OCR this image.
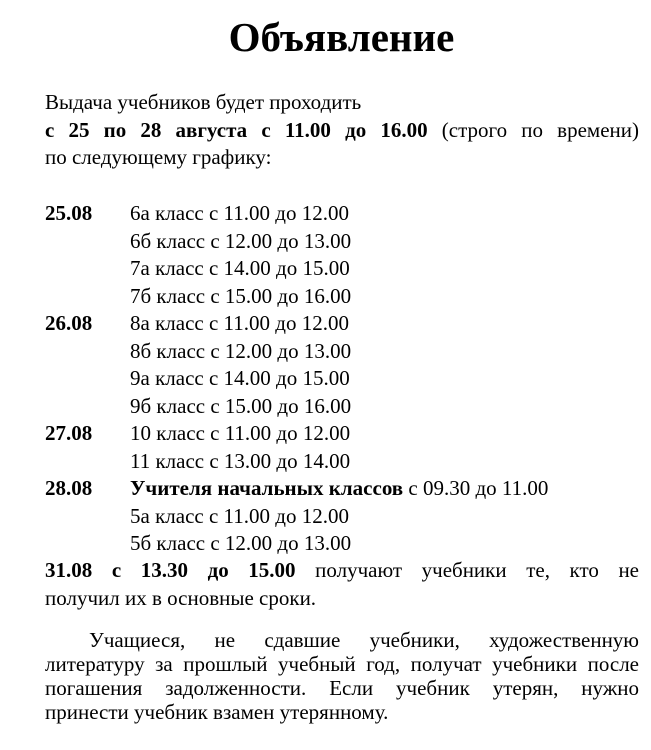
Объявление
Выдача учебников будет проходить
с 25 по 28 августа с 11.00 до 16.00 (строго по времени)
по следующему графику:
25.08 6а класс с 11.00 до 12.00
6б класс с 12.00 до 13.00
7а класс с 14.00 до 15.00
7б класс с 15.00 до 16.00
26.08 8а класс с 11.00 до 12.00
8б класс с 12.00 до 13.00
9а класс с 14.00 до 15.00
9б класс с 15.00 до 16.00
27.08 10 класс с 11.00 до 12.00
11 класс с 13.00 до 14.00
28.08 Учителя начальных классов с 09.30 до 11.00
5а класс с 11.00 до 12.00
5б класс с 12.00 до 13.00
31.08 с 13.30 до 15.00 получают учебники те, кто не
получил их в основные сроки.
Учащиеся, не сдавшие учебники, художественную
литературу за прошлый учебный год, получат учебники после
погашения задолженности. Если учебник утерян, нужно
принести учебник взамен утерянному.
